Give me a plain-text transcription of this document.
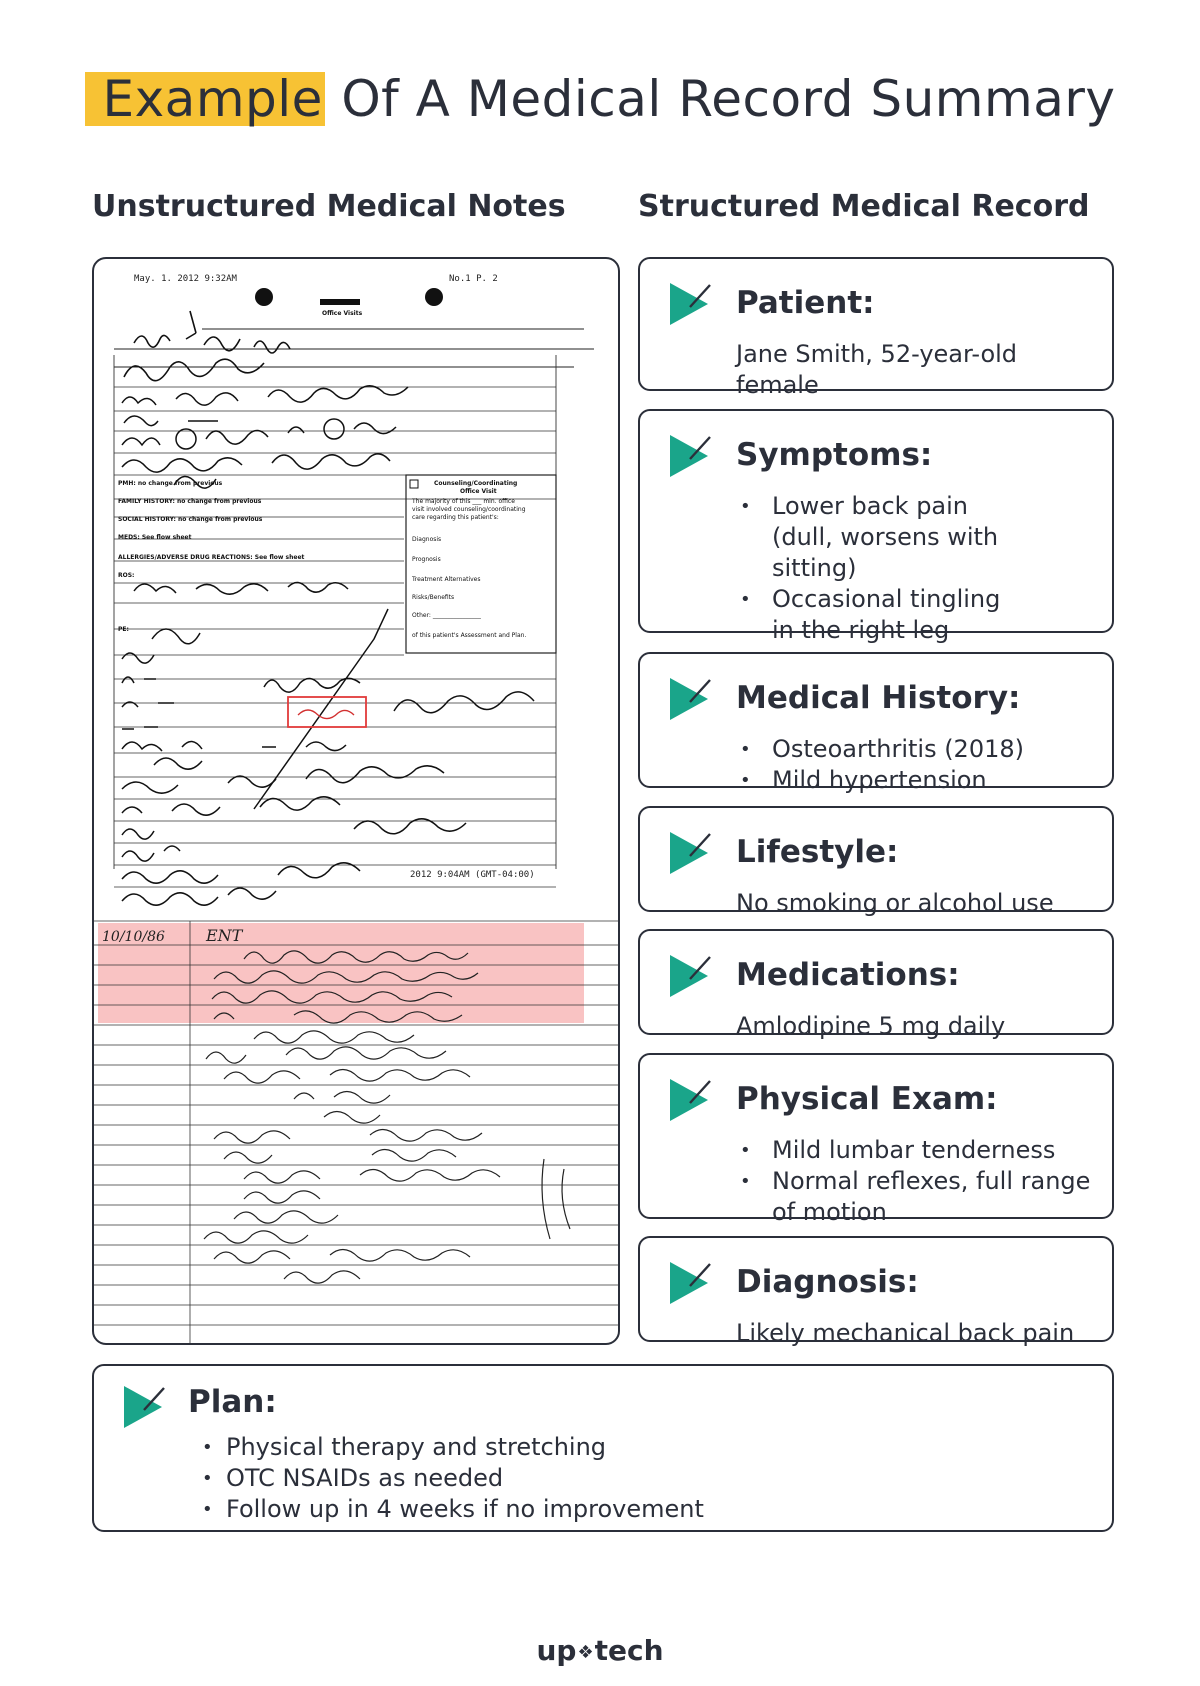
Example Of A Medical Record Summary
Unstructured Medical Notes Structured Medical Record
May. 1. 2012 9:32AM	No.1 P. 2
Office Visits
Counseling/Coordinating
Office Visit
The majority of this ___ min. office
visit involved counseling/coordinating
care regarding this patient's:
Diagnosis
Prognosis
Treatment Alternatives
Risks/Benefits
Other: ________________
of this patient's Assessment and Plan.
PMH: no change from previous
FAMILY HISTORY: no change from previous
SOCIAL HISTORY: no change from previous
MEDS: See flow sheet
ALLERGIES/ADVERSE DRUG REACTIONS: See flow sheet
ROS:
PE:
2012 9:04AM (GMT-04:00)
10/10/86	ENT
Patient:
Jane Smith, 52-year-old female
Symptoms:
• Lower back pain (dull, worsens with sitting)
• Occasional tingling in the right leg
Medical History:
• Osteoarthritis (2018)
• Mild hypertension
Lifestyle:
No smoking or alcohol use
Medications:
Amlodipine 5 mg daily
Physical Exam:
• Mild lumbar tenderness
• Normal reflexes, full range of motion
Diagnosis:
Likely mechanical back pain
Plan:
• Physical therapy and stretching
• OTC NSAIDs as needed
• Follow up in 4 weeks if no improvement
up❖tech
